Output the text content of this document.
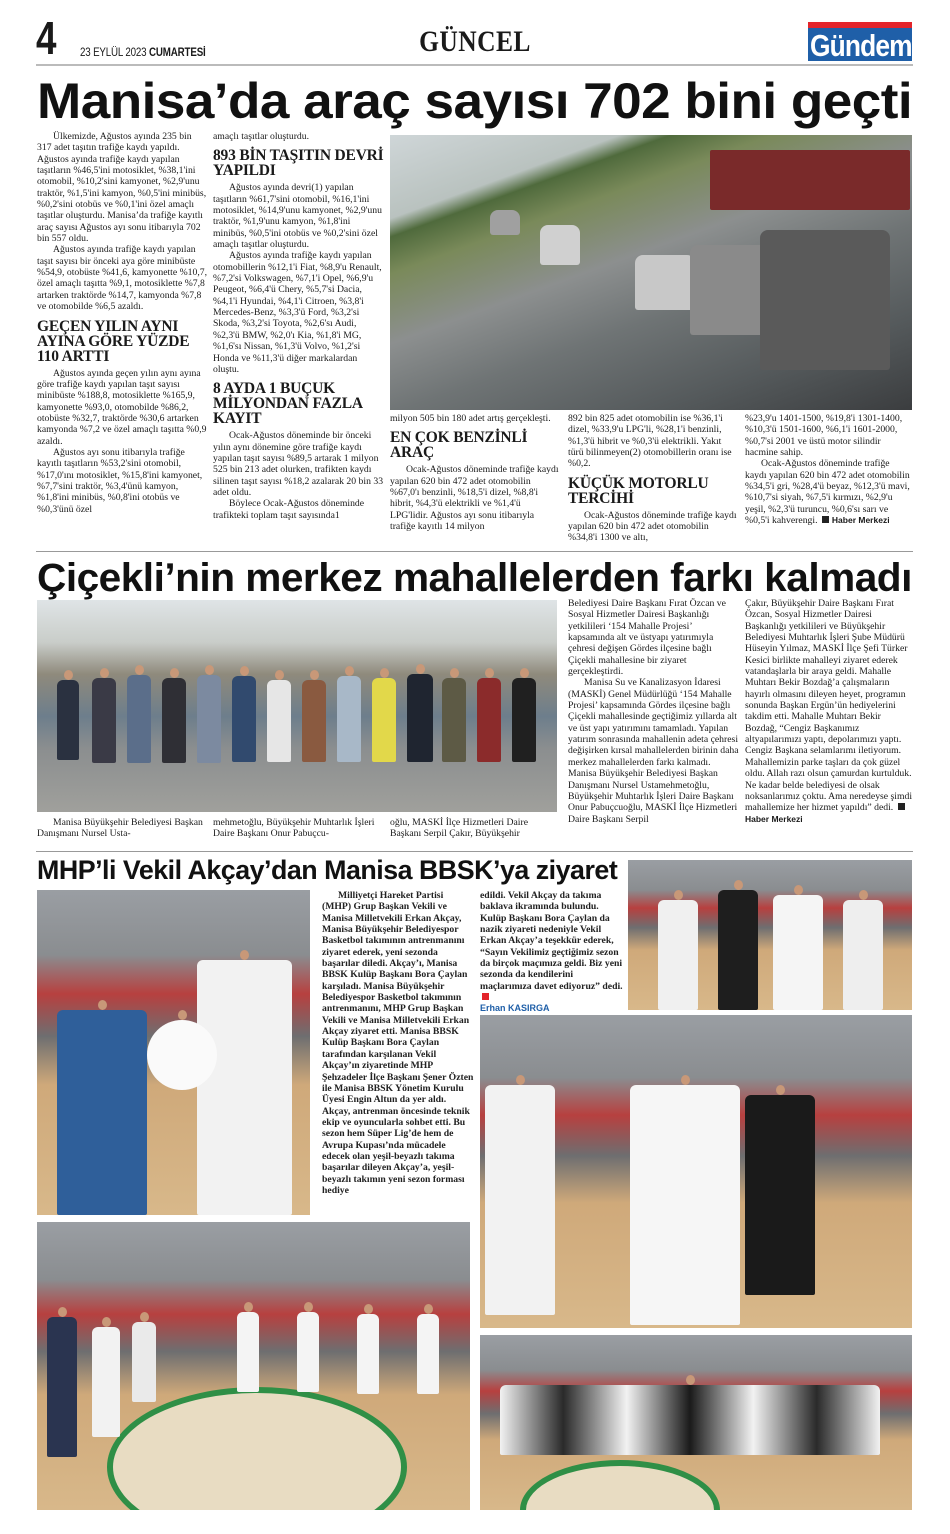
4	23 EYLÜL 2023 CUMARTESİ	GÜNCEL	Manisa'da
Gündem
Manisa’da araç sayısı 702 bini geçti

Ülkemizde, Ağustos ayında 235 bin 317 adet taşıtın trafiğe kaydı yapıldı. Ağustos ayında trafiğe kaydı yapılan taşıtların %46,5'ini motosiklet, %38,1'ini otomobil, %10,2'sini kamyonet, %2,9'unu traktör, %1,5'ini kamyon, %0,5'ini minibüs, %0,2'sini otobüs ve %0,1'ini özel amaçlı taşıtlar oluşturdu. Manisa’da trafiğe kayıtlı araç sayısı Ağustos ayı sonu itibarıyla 702 bin 557 oldu.

Ağustos ayında trafiğe kaydı yapılan taşıt sayısı bir önceki aya göre minibüste %54,9, otobüste %41,6, kamyonette %10,7, özel amaçlı taşıtta %9,1, motosiklette %7,8 artarken traktörde %14,7, kamyonda %7,8 ve otomobilde %6,5 azaldı.

GEÇEN YILIN AYNI AYINA GÖRE YÜZDE 110 ARTTI

Ağustos ayında geçen yılın aynı ayına göre trafiğe kaydı yapılan taşıt sayısı minibüste %188,8, motosiklette %165,9, kamyonette %93,0, otomobilde %86,2, otobüste %32,7, traktörde %30,6 artarken kamyonda %7,2 ve özel amaçlı taşıtta %0,9 azaldı.

Ağustos ayı sonu itibarıyla trafiğe kayıtlı taşıtların %53,2'sini otomobil, %17,0'ını motosiklet, %15,8'ini kamyonet, %7,7'sini traktör, %3,4'ünü kamyon, %1,8'ini minibüs, %0,8'ini otobüs ve %0,3'ünü özel

amaçlı taşıtlar oluşturdu.

893 BİN TAŞITIN DEVRİ YAPILDI

Ağustos ayında devri(1) yapılan taşıtların %61,7'sini otomobil, %16,1'ini motosiklet, %14,9'unu kamyonet, %2,9'unu traktör, %1,9'unu kamyon, %1,8'ini minibüs, %0,5'ini otobüs ve %0,2'sini özel amaçlı taşıtlar oluşturdu.

Ağustos ayında trafiğe kaydı yapılan otomobillerin %12,1'i Fiat, %8,9'u Renault, %7,2'si Volkswagen, %7,1'i Opel, %6,9'u Peugeot, %6,4'ü Chery, %5,7'si Dacia, %4,1'i Hyundai, %4,1'i Citroen, %3,8'i Mercedes-Benz, %3,3'ü Ford, %3,2'si Skoda, %3,2'si Toyota, %2,6'sı Audi, %2,3'ü BMW, %2,0'ı Kia, %1,8'i MG, %1,6'sı Nissan, %1,3'ü Volvo, %1,2'si Honda ve %11,3'ü diğer markalardan oluştu.

8 AYDA 1 BUÇUK MİLYONDAN FAZLA KAYIT

Ocak-Ağustos döneminde bir önceki yılın aynı dönemine göre trafiğe kaydı yapılan taşıt sayısı %89,5 artarak 1 milyon 525 bin 213 adet olurken, trafikten kaydı silinen taşıt sayısı %18,2 azalarak 20 bin 33 adet oldu.

Böylece Ocak-Ağustos döneminde trafikteki toplam taşıt sayısında1

milyon 505 bin 180 adet artış gerçekleşti.

EN ÇOK BENZİNLİ ARAÇ

Ocak-Ağustos döneminde trafiğe kaydı yapılan 620 bin 472 adet otomobilin %67,0'ı benzinli, %18,5'i dizel, %8,8'i hibrit, %4,3'ü elektrikli ve %1,4'ü LPG'lidir. Ağustos ayı sonu itibarıyla trafiğe kayıtlı 14 milyon

892 bin 825 adet otomobilin ise %36,1'i dizel, %33,9'u LPG'li, %28,1'i benzinli, %1,3'ü hibrit ve %0,3'ü elektrikli. Yakıt türü bilinmeyen(2) otomobillerin oranı ise %0,2.

KÜÇÜK MOTORLU TERCİHİ

Ocak-Ağustos döneminde trafiğe kaydı yapılan 620 bin 472 adet otomobilin %34,8'i 1300 ve altı,

%23,9'u 1401-1500, %19,8'i 1301-1400, %10,3'ü 1501-1600, %6,1'i 1601-2000, %0,7'si 2001 ve üstü motor silindir hacmine sahip.

Ocak-Ağustos döneminde trafiğe kaydı yapılan 620 bin 472 adet otomobilin %34,5'i gri, %28,4'ü beyaz, %12,3'ü mavi, %10,7'si siyah, %7,5'i kırmızı, %2,9'u yeşil, %2,3'ü turuncu, %0,6'sı sarı ve %0,5'i kahverengi. Haber Merkezi

Çiçekli’nin merkez mahallelerden farkı kalmadı

Manisa Büyükşehir Belediyesi Başkan Danışmanı Nursel Usta-

mehmetoğlu, Büyükşehir Muhtarlık İşleri Daire Başkanı Onur Pabuçcu-

oğlu, MASKİ İlçe Hizmetleri Daire Başkanı Serpil Çakır, Büyükşehir

Belediyesi Daire Başkanı Fırat Özcan ve Sosyal Hizmetler Dairesi Başkanlığı yetkilileri ‘154 Mahalle Projesi’ kapsamında alt ve üstyapı yatırımıyla çehresi değişen Gördes ilçesine bağlı Çiçekli mahallesine bir ziyaret gerçekleştirdi.

Manisa Su ve Kanalizasyon İdaresi (MASKİ) Genel Müdürlüğü ‘154 Mahalle Projesi’ kapsamında Gördes ilçesine bağlı Çiçekli mahallesinde geçtiğimiz yıllarda alt ve üst yapı yatırımını tamamladı. Yapılan yatırım sonrasında mahallenin adeta çehresi değişirken kırsal mahallelerden birinin daha merkez mahallelerden farkı kalmadı. Manisa Büyükşehir Belediyesi Başkan Danışmanı Nursel Ustamehmetoğlu, Büyükşehir Muhtarlık İşleri Daire Başkanı Onur Pabuçcuoğlu, MASKİ İlçe Hizmetleri Daire Başkanı Serpil

Çakır, Büyükşehir Daire Başkanı Fırat Özcan, Sosyal Hizmetler Dairesi Başkanlığı yetkilileri ve Büyükşehir Belediyesi Muhtarlık İşleri Şube Müdürü Hüseyin Yılmaz, MASKİ İlçe Şefi Türker Kesici birlikte mahalleyi ziyaret ederek vatandaşlarla bir araya geldi. Mahalle Muhtarı Bekir Bozdağ’a çalışmaların hayırlı olmasını dileyen heyet, programın sonunda Başkan Ergün’ün hediyelerini takdim etti. Mahalle Muhtarı Bekir Bozdağ, “Cengiz Başkanımız altyapılarımızı yaptı, depolarımızı yaptı. Cengiz Başkana selamlarımı iletiyorum. Mahallemizin parke taşları da çok güzel oldu. Allah razı olsun çamurdan kurtulduk. Ne kadar belde belediyesi de olsak noksanlarımız çoktu. Ama neredeyse şimdi mahallemize her hizmet yapıldı” dedi. Haber Merkezi

MHP’li Vekil Akçay’dan Manisa BBSK’ya ziyaret

Milliyetçi Hareket Partisi (MHP) Grup Başkan Vekili ve Manisa Milletvekili Erkan Akçay, Manisa Büyükşehir Belediyespor Basketbol takımının antrenmanını ziyaret ederek, yeni sezonda başarılar diledi. Akçay’ı, Manisa BBSK Kulüp Başkanı Bora Çaylan karşıladı. Manisa Büyükşehir Belediyespor Basketbol takımının antrenmanını, MHP Grup Başkan Vekili ve Manisa Milletvekili Erkan Akçay ziyaret etti. Manisa BBSK Kulüp Başkanı Bora Çaylan tarafından karşılanan Vekil Akçay’ın ziyaretinde MHP Şehzadeler İlçe Başkanı Şener Özten ile Manisa BBSK Yönetim Kurulu Üyesi Engin Altun da yer aldı. Akçay, antrenman öncesinde teknik ekip ve oyuncularla sohbet etti. Bu sezon hem Süper Lig’de hem de Avrupa Kupası’nda mücadele edecek olan yeşil-beyazlı takıma başarılar dileyen Akçay’a, yeşil-beyazlı takımın yeni sezon forması hediye

edildi. Vekil Akçay da takıma baklava ikramında bulundu. Kulüp Başkanı Bora Çaylan da nazik ziyareti nedeniyle Vekil Erkan Akçay’a teşekkür ederek, “Sayın Vekilimiz geçtiğimiz sezon da birçok maçımıza geldi. Biz yeni sezonda da kendilerini maçlarımıza davet ediyoruz” dedi.
Erhan KASIRGA
